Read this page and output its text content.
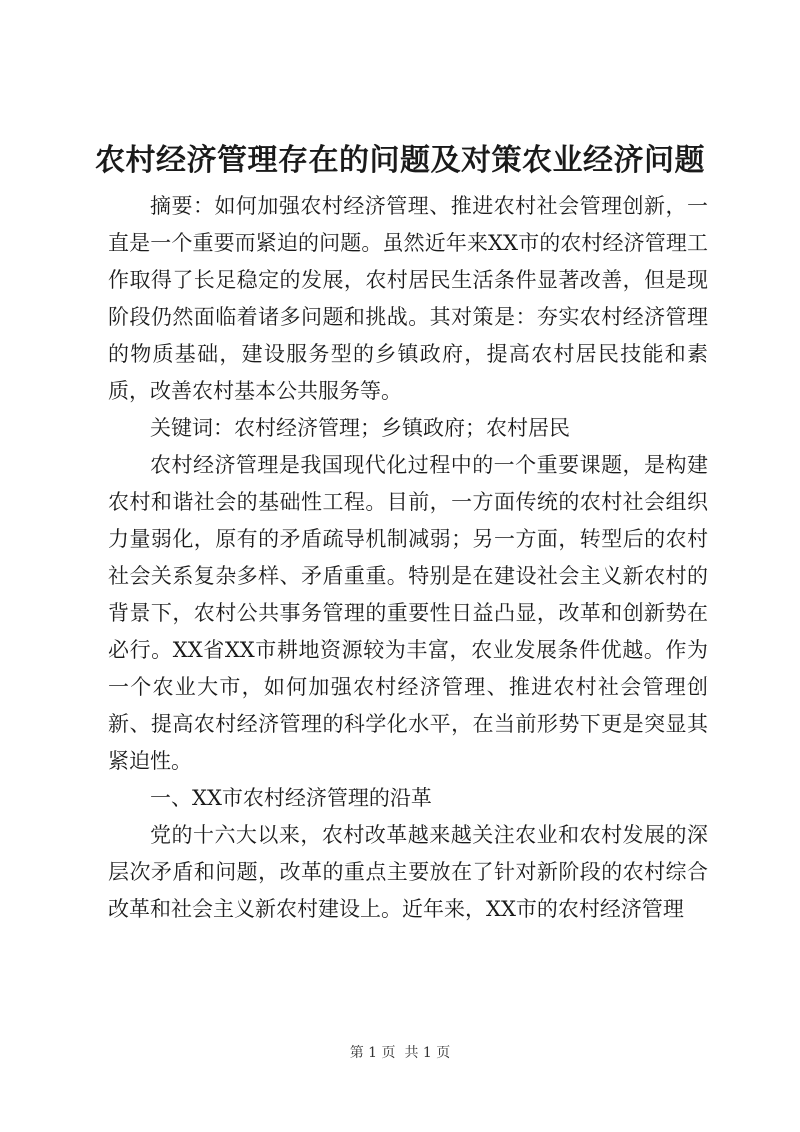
农村经济管理存在的问题及对策农业经济问题

摘要：如何加强农村经济管理、推进农村社会管理创新，一直是一个重要而紧迫的问题。虽然近年来XX市的农村经济管理工作取得了长足稳定的发展，农村居民生活条件显著改善，但是现阶段仍然面临着诸多问题和挑战。其对策是：夯实农村经济管理的物质基础，建设服务型的乡镇政府，提高农村居民技能和素质，改善农村基本公共服务等。

关键词：农村经济管理；乡镇政府；农村居民

农村经济管理是我国现代化过程中的一个重要课题，是构建农村和谐社会的基础性工程。目前，一方面传统的农村社会组织力量弱化，原有的矛盾疏导机制减弱；另一方面，转型后的农村社会关系复杂多样、矛盾重重。特别是在建设社会主义新农村的背景下，农村公共事务管理的重要性日益凸显，改革和创新势在必行。XX省XX市耕地资源较为丰富，农业发展条件优越。作为一个农业大市，如何加强农村经济管理、推进农村社会管理创新、提高农村经济管理的科学化水平，在当前形势下更是突显其紧迫性。

一、XX市农村经济管理的沿革

党的十六大以来，农村改革越来越关注农业和农村发展的深层次矛盾和问题，改革的重点主要放在了针对新阶段的农村综合改革和社会主义新农村建设上。近年来，XX市的农村经济管理

第 1 页  共 1 页
